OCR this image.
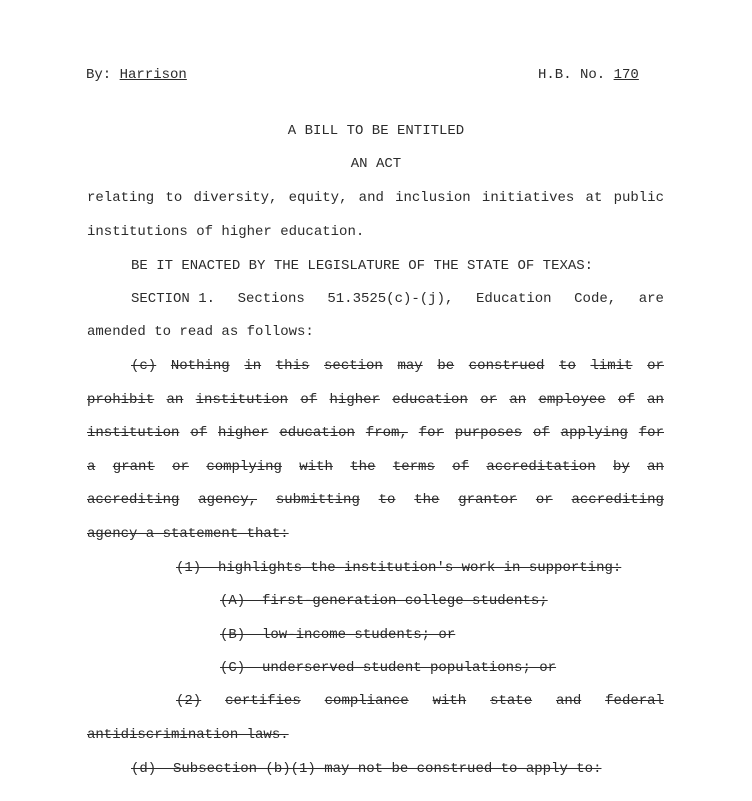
By: Harrison	H.B. No. 170
A BILL TO BE ENTITLED
AN ACT
relating to diversity, equity, and inclusion initiatives at public
institutions of higher education.
BE IT ENACTED BY THE LEGISLATURE OF THE STATE OF TEXAS:
SECTION 1. Sections 51.3525(c)-(j), Education Code, are
amended to read as follows:
(c) Nothing in this section may be construed to limit or
prohibit an institution of higher education or an employee of an
institution of higher education from, for purposes of applying for
a grant or complying with the terms of accreditation by an
accrediting agency, submitting to the grantor or accrediting
agency a statement that:
(1)  highlights the institution's work in supporting:
(A)  first-generation college students;
(B)  low-income students; or
(C)  underserved student populations; or
(2) certifies compliance with state and federal
antidiscrimination laws.
(d)  Subsection (b)(1) may not be construed to apply to:
